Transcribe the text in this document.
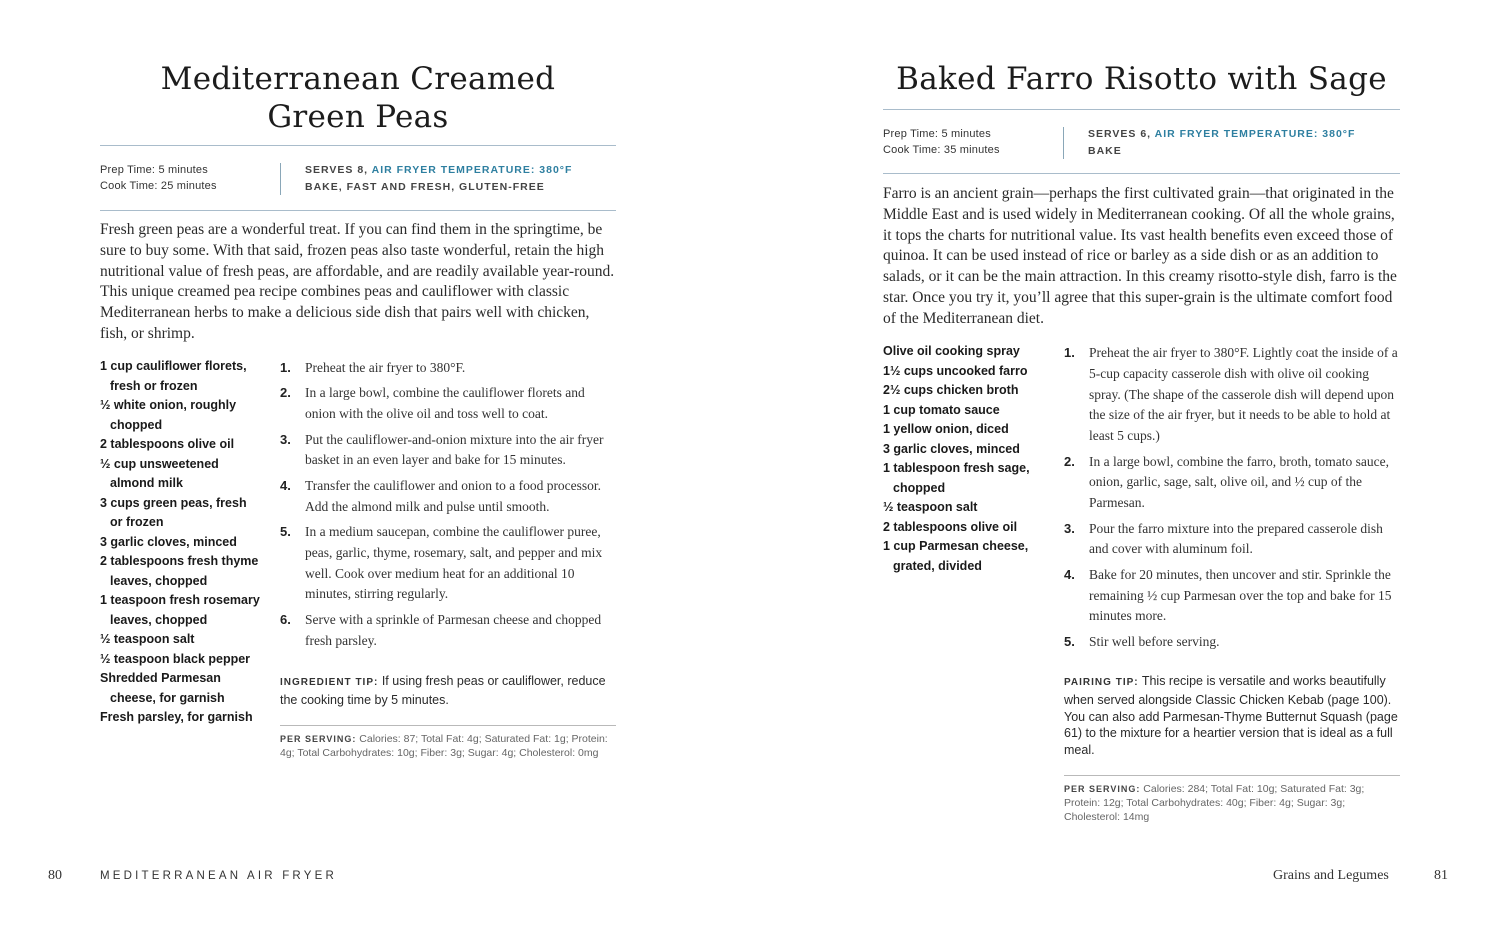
Mediterranean Creamed
Green Peas
Prep Time: 5 minutes
Cook Time: 25 minutes
SERVES 8, AIR FRYER TEMPERATURE: 380°F
BAKE, FAST AND FRESH, GLUTEN-FREE

Fresh green peas are a wonderful treat. If you can find them in the springtime, be sure to buy some. With that said, frozen peas also taste wonderful, retain the high nutritional value of fresh peas, are affordable, and are readily available year-round. This unique creamed pea recipe combines peas and cauliflower with classic Mediterranean herbs to make a delicious side dish that pairs well with chicken, fish, or shrimp.

1 cup cauliflower florets, fresh or frozen
½ white onion, roughly chopped
2 tablespoons olive oil
½ cup unsweetened almond milk
3 cups green peas, fresh or frozen
3 garlic cloves, minced
2 tablespoons fresh thyme leaves, chopped
1 teaspoon fresh rosemary leaves, chopped
½ teaspoon salt
½ teaspoon black pepper
Shredded Parmesan cheese, for garnish
Fresh parsley, for garnish
1. Preheat the air fryer to 380°F.
2. In a large bowl, combine the cauliflower florets and onion with the olive oil and toss well to coat.
3. Put the cauliflower-and-onion mixture into the air fryer basket in an even layer and bake for 15 minutes.
4. Transfer the cauliflower and onion to a food processor. Add the almond milk and pulse until smooth.
5. In a medium saucepan, combine the cauliflower puree, peas, garlic, thyme, rosemary, salt, and pepper and mix well. Cook over medium heat for an additional 10 minutes, stirring regularly.
6. Serve with a sprinkle of Parmesan cheese and chopped fresh parsley.
INGREDIENT TIP: If using fresh peas or cauliflower, reduce the cooking time by 5 minutes.
PER SERVING: Calories: 87; Total Fat: 4g; Saturated Fat: 1g; Protein: 4g; Total Carbohydrates: 10g; Fiber: 3g; Sugar: 4g; Cholesterol: 0mg
80	MEDITERRANEAN AIR FRYER
Baked Farro Risotto with Sage
Prep Time: 5 minutes
Cook Time: 35 minutes
SERVES 6, AIR FRYER TEMPERATURE: 380°F
BAKE

Farro is an ancient grain—perhaps the first cultivated grain—that originated in the Middle East and is used widely in Mediterranean cooking. Of all the whole grains, it tops the charts for nutritional value. Its vast health benefits even exceed those of quinoa. It can be used instead of rice or barley as a side dish or as an addition to salads, or it can be the main attraction. In this creamy risotto-style dish, farro is the star. Once you try it, you’ll agree that this super-grain is the ultimate comfort food of the Mediterranean diet.

Olive oil cooking spray
1½ cups uncooked farro
2½ cups chicken broth
1 cup tomato sauce
1 yellow onion, diced
3 garlic cloves, minced
1 tablespoon fresh sage, chopped
½ teaspoon salt
2 tablespoons olive oil
1 cup Parmesan cheese, grated, divided
1. Preheat the air fryer to 380°F. Lightly coat the inside of a 5-cup capacity casserole dish with olive oil cooking spray. (The shape of the casserole dish will depend upon the size of the air fryer, but it needs to be able to hold at least 5 cups.)
2. In a large bowl, combine the farro, broth, tomato sauce, onion, garlic, sage, salt, olive oil, and ½ cup of the Parmesan.
3. Pour the farro mixture into the prepared casserole dish and cover with aluminum foil.
4. Bake for 20 minutes, then uncover and stir. Sprinkle the remaining ½ cup Parmesan over the top and bake for 15 minutes more.
5. Stir well before serving.
PAIRING TIP: This recipe is versatile and works beautifully when served alongside Classic Chicken Kebab (page 100). You can also add Parmesan-Thyme Butternut Squash (page 61) to the mixture for a heartier version that is ideal as a full meal.
PER SERVING: Calories: 284; Total Fat: 10g; Saturated Fat: 3g; Protein: 12g; Total Carbohydrates: 40g; Fiber: 4g; Sugar: 3g; Cholesterol: 14mg
Grains and Legumes	81
